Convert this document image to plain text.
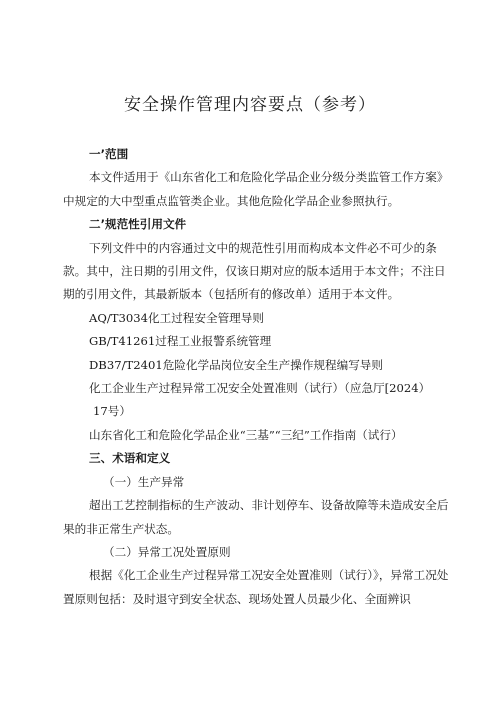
安全操作管理内容要点（参考）

一’范围

本文件适用于《山东省化工和危险化学品企业分级分类监管工作方案》中规定的大中型重点监管类企业。其他危险化学品企业参照执行。

二’规范性引用文件

下列文件中的内容通过文中的规范性引用而构成本文件必不可少的条款。其中，注日期的引用文件，仅该日期对应的版本适用于本文件；不注日期的引用文件，其最新版本（包括所有的修改单）适用于本文件。

AQ/T3034化工过程安全管理导则

GB/T41261过程工业报警系统管理

DB37/T2401危险化学品岗位安全生产操作规程编写导则

化工企业生产过程异常工况安全处置准则（试行）（应急厅[2024）
17号）

山东省化工和危险化学品企业“三基”“三纪”工作指南（试行）

三、术语和定义

（一）生产异常

超出工艺控制指标的生产波动、非计划停车、设备故障等未造成安全后果的非正常生产状态。

（二）异常工况处置原则

根据《化工企业生产过程异常工况安全处置准则（试行）》，异常工况处置原则包括：及时退守到安全状态、现场处置人员最少化、全面辨识
